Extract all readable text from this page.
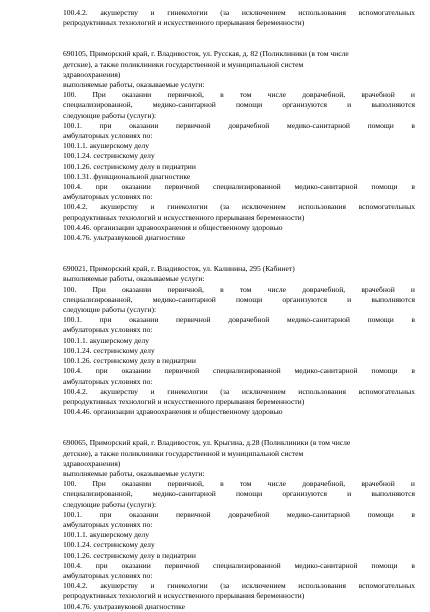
100.4.2. акушерству и гинекологии (за исключением использования вспомогательных
репродуктивных технологий и искусственного прерывания беременности)
690105, Приморский край, г. Владивосток, ул. Русская, д. 82 (Поликлиники (в том числе
детские), а также поликлиники государственной и муниципальной систем
здравоохранения)
выполняемые работы, оказываемые услуги:
100. При оказании первичной, в том числе доврачебной, врачебной и
специализированной, медико-санитарной помощи организуются и выполняются
следующие работы (услуги):
100.1. при оказании первичной доврачебной медико-санитарной помощи в
амбулаторных условиях по:
100.1.1. акушерскому делу
100.1.24. сестринскому делу
100.1.26. сестринскому делу в педиатрии
100.1.31. функциональной диагностике
100.4. при оказании первичной специализированной медико-санитарной помощи в
амбулаторных условиях по:
100.4.2. акушерству и гинекологии (за исключением использования вспомогательных
репродуктивных технологий и искусственного прерывания беременности)
100.4.46. организации здравоохранения и общественному здоровью
100.4.76. ультразвуковой диагностике
690021, Приморский край, г. Владивосток, ул. Калинина, 295 (Кабинет)
выполняемые работы, оказываемые услуги:
100. При оказании первичной, в том числе доврачебной, врачебной и
специализированной, медико-санитарной помощи организуются и выполняются
следующие работы (услуги):
100.1. при оказании первичной доврачебной медико-санитарной помощи в
амбулаторных условиях по:
100.1.1. акушерскому делу
100.1.24. сестринскому делу
100.1.26. сестринскому делу в педиатрии
100.4. при оказании первичной специализированной медико-санитарной помощи в
амбулаторных условиях по:
100.4.2. акушерству и гинекологии (за исключением использования вспомогательных
репродуктивных технологий и искусственного прерывания беременности)
100.4.46. организации здравоохранения и общественному здоровью
690065, Приморский край, г. Владивосток, ул. Крыгина, д.28 (Поликлиники (в том числе
детские), а также поликлиники государственной и муниципальной систем
здравоохранения)
выполняемые работы, оказываемые услуги:
100. При оказании первичной, в том числе доврачебной, врачебной и
специализированной, медико-санитарной помощи организуются и выполняются
следующие работы (услуги):
100.1. при оказании первичной доврачебной медико-санитарной помощи в
амбулаторных условиях по:
100.1.1. акушерскому делу
100.1.24. сестринскому делу
100.1.26. сестринскому делу в педиатрии
100.4. при оказании первичной специализированной медико-санитарной помощи в
амбулаторных условиях по:
100.4.2. акушерству и гинекологии (за исключением использования вспомогательных
репродуктивных технологий и искусственного прерывания беременности)
100.4.76. ультразвуковой диагностике
